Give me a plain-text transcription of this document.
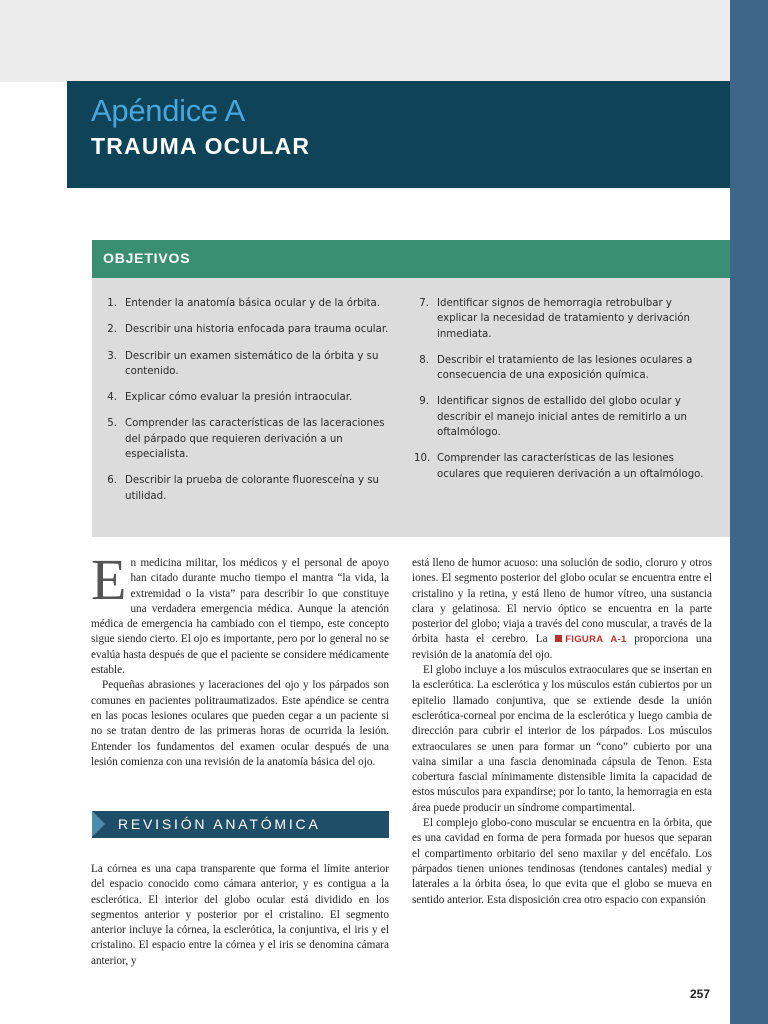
Apéndice A
TRAUMA OCULAR
OBJETIVOS
1. Entender la anatomía básica ocular y de la órbita.
2. Describir una historia enfocada para trauma ocular.
3. Describir un examen sistemático de la órbita y su contenido.
4. Explicar cómo evaluar la presión intraocular.
5. Comprender las características de las laceraciones del párpado que requieren derivación a un especialista.
6. Describir la prueba de colorante fluoresceína y su utilidad.
7. Identificar signos de hemorragia retrobulbar y explicar la necesidad de tratamiento y derivación inmediata.
8. Describir el tratamiento de las lesiones oculares a consecuencia de una exposición química.
9. Identificar signos de estallido del globo ocular y describir el manejo inicial antes de remitirlo a un oftalmólogo.
10. Comprender las características de las lesiones oculares que requieren derivación a un oftalmólogo.

En medicina militar, los médicos y el personal de apoyo han citado durante mucho tiempo el mantra “la vida, la extremidad o la vista” para describir lo que constituye una verdadera emergencia médica. Aunque la atención médica de emergencia ha cambiado con el tiempo, este concepto sigue siendo cierto. El ojo es importante, pero por lo general no se evalúa hasta después de que el paciente se considere médicamente estable.

Pequeñas abrasiones y laceraciones del ojo y los párpados son comunes en pacientes politraumatizados. Este apéndice se centra en las pocas lesiones oculares que pueden cegar a un paciente si no se tratan dentro de las primeras horas de ocurrida la lesión. Entender los fundamentos del examen ocular después de una lesión comienza con una revisión de la anatomía básica del ojo.

REVISIÓN ANATÓMICA

La córnea es una capa transparente que forma el límite anterior del espacio conocido como cámara anterior, y es contigua a la esclerótica. El interior del globo ocular está dividido en los segmentos anterior y posterior por el cristalino. El segmento anterior incluye la córnea, la esclerótica, la conjuntiva, el iris y el cristalino. El espacio entre la córnea y el iris se denomina cámara anterior, y

está lleno de humor acuoso: una solución de sodio, cloruro y otros iones. El segmento posterior del globo ocular se encuentra entre el cristalino y la retina, y está lleno de humor vítreo, una sustancia clara y gelatinosa. El nervio óptico se encuentra en la parte posterior del globo; viaja a través del cono muscular, a través de la órbita hasta el cerebro. La FIGURA A-1 proporciona una revisión de la anatomía del ojo.

El globo incluye a los músculos extraoculares que se insertan en la esclerótica. La esclerótica y los músculos están cubiertos por un epitelio llamado conjuntiva, que se extiende desde la unión esclerótica-corneal por encima de la esclerótica y luego cambia de dirección para cubrir el interior de los párpados. Los músculos extraoculares se unen para formar un “cono” cubierto por una vaina similar a una fascia denominada cápsula de Tenon. Esta cobertura fascial mínimamente distensible limita la capacidad de estos músculos para expandirse; por lo tanto, la hemorragia en esta área puede producir un síndrome compartimental.

El complejo globo-cono muscular se encuentra en la órbita, que es una cavidad en forma de pera formada por huesos que separan el compartimento orbitario del seno maxilar y del encéfalo. Los párpados tienen uniones tendinosas (tendones cantales) medial y laterales a la órbita ósea, lo que evita que el globo se mueva en sentido anterior. Esta disposición crea otro espacio con expansión

257
